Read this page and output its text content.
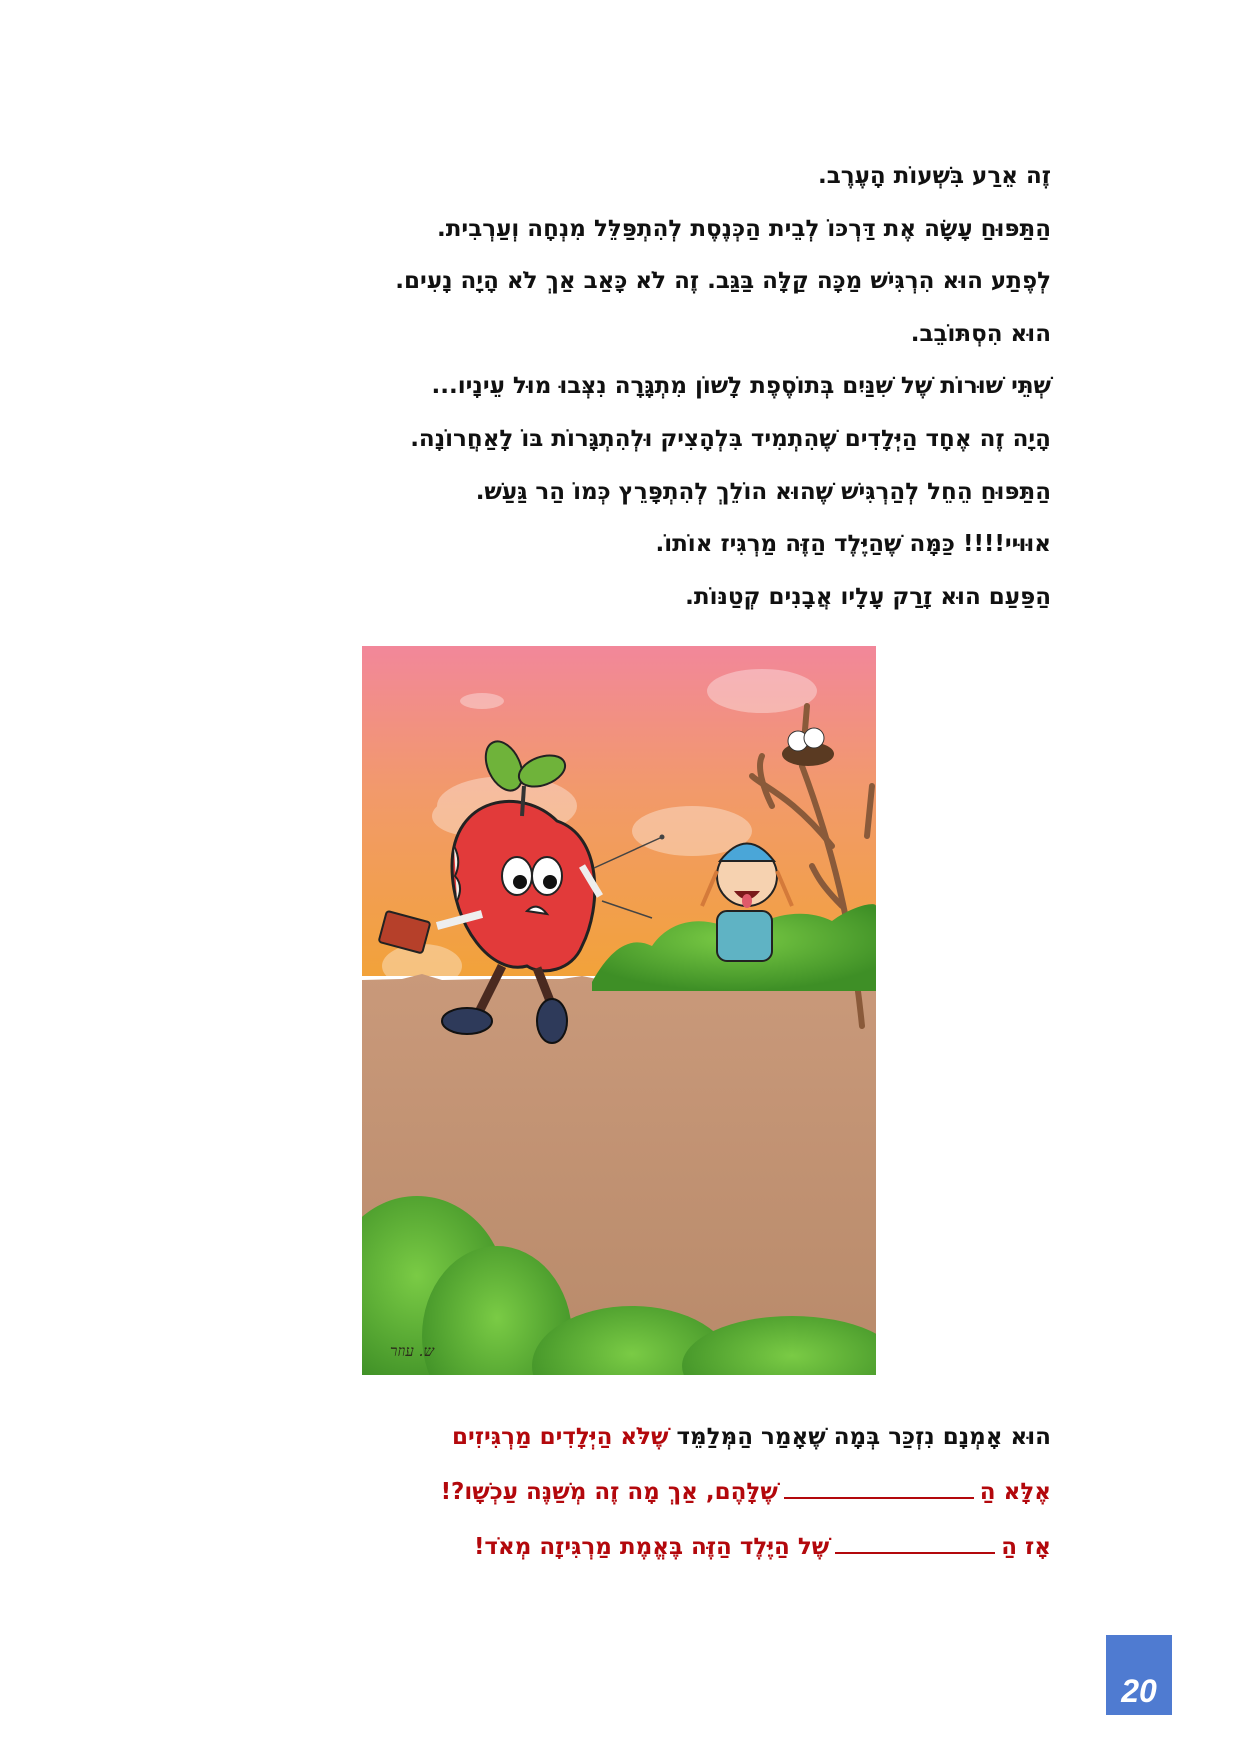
זֶה אֵרַע בִּשְׁעוֹת הָעֶרֶב.

הַתַּפּוּחַ עָשָׂה אֶת דַּרְכּוֹ לְבֵית הַכְּנֶסֶת לְהִתְפַּלֵּל מִנְחָה וְעַרְבִית.

לְפֶתַע הוּא הִרְגִּישׁ מַכָּה קַלָּה בַּגַּב. זֶה לֹא כָּאַב אַךְ לֹא הָיָה נָעִים.

הוּא הִסְתּוֹבֵב.

שְׁתֵּי שׁוּרוֹת שֶׁל שִׁנַּיִם בְּתוֹסֶפֶת לָשׁוֹן מִתְגָּרָה נִצְּבוּ מוּל עֵינָיו...

הָיָה זֶה אֶחָד הַיְּלָדִים שֶׁהִתְמִיד בִּלְהָצִיק וּלְהִתְגָּרוֹת בּוֹ לָאַחֲרוֹנָה.

הַתַּפּוּחַ הֵחֵל לְהַרְגִּישׁ שֶׁהוּא הוֹלֵךְ לְהִתְפָּרֵץ כְּמוֹ הַר גַּעַשׁ.

אוּוּיי!!!! כַּמָּה שֶׁהַיֶּלֶד הַזֶּה מַרְגִּיז אוֹתוֹ.

הַפַּעַם הוּא זָרַק עָלָיו אֲבָנִים קְטַנּוֹת.

ש. עוזר

הוּא אָמְנָם נִזְכַּר בְּמָה שֶׁאָמַר הַמְּלַמֵּד שֶׁלֹּא הַיְּלָדִים מַרְגִּיזִים

אֶלָּא הַשֶׁלָּהֶם, אַךְ מָה זֶה מְשַׁנֶּה עַכְשָׁו?!

אָז הַשֶׁל הַיֶּלֶד הַזֶּה בֶּאֱמֶת מַרְגִּיזָה מְאֹד!

20
